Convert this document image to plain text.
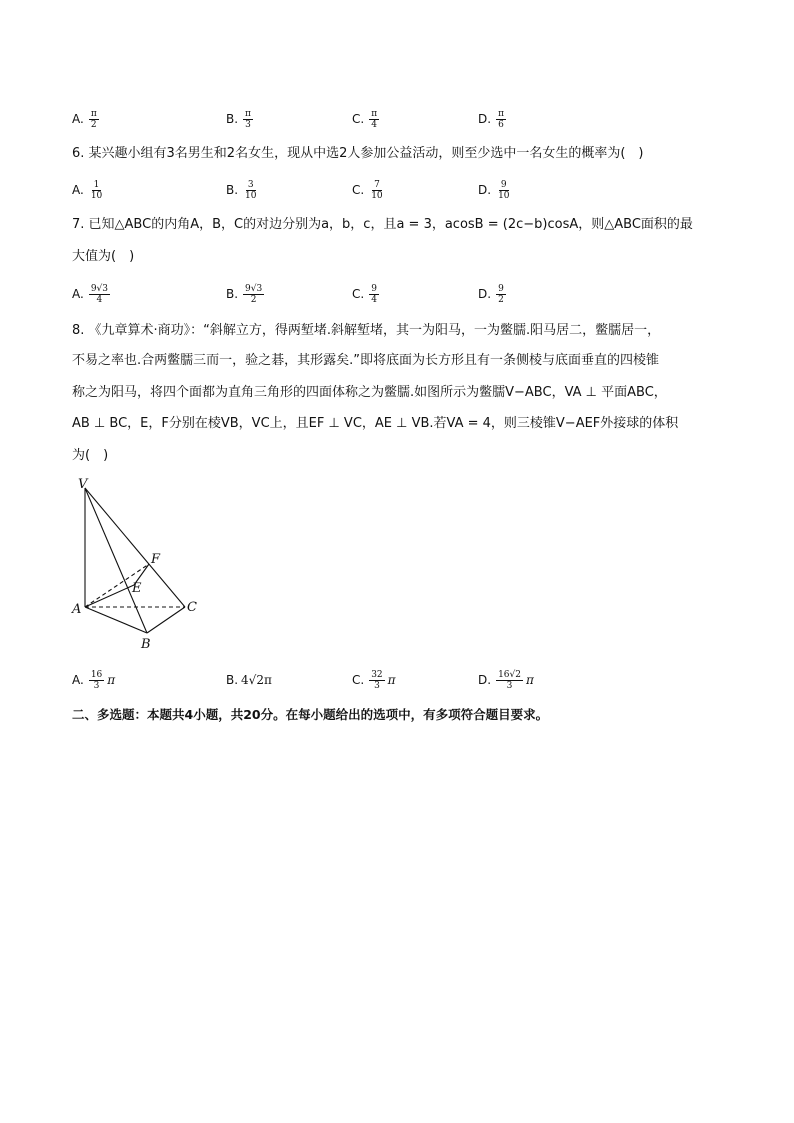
A. $\frac{\pi}{2}$	B. $\frac{\pi}{3}$	C. $\frac{\pi}{4}$	D. $\frac{\pi}{6}$
6. 某兴趣小组有3名男生和2名女生，现从中选2人参加公益活动，则至少选中一名女生的概率为(　)
A. $\frac{1}{10}$	B. $\frac{3}{10}$	C. $\frac{7}{10}$	D. $\frac{9}{10}$
7. 已知△ABC的内角A，B，C的对边分别为a，b，c，且a = 3，acosB = (2c−b)cosA，则△ABC面积的最
大值为(　)
A. $\frac{9√3}{4}$	B. $\frac{9√3}{2}$	C. $\frac{9}{4}$	D. $\frac{9}{2}$
8. 《九章算术·商功》：“斜解立方，得两堑堵.斜解堑堵，其一为阳马，一为鳖臑.阳马居二，鳖臑居一，
不易之率也.合两鳖臑三而一，验之碁，其形露矣.”即将底面为长方形且有一条侧棱与底面垂直的四棱锥
称之为阳马，将四个面都为直角三角形的四面体称之为鳖臑.如图所示为鳖臑V−ABC，VA ⊥ 平面ABC，
AB ⊥ BC，E，F分别在棱VB，VC上，且EF ⊥ VC，AE ⊥ VB.若VA = 4，则三棱锥V−AEF外接球的体积
为(　)
V
A
B
C
E
F
A. $\frac{16}{3}$ π	B. 4√2π	C. $\frac{32}{3}$ π	D. $\frac{16√2}{3}$ π
二、多选题：本题共4小题，共20分。在每小题给出的选项中，有多项符合题目要求。
